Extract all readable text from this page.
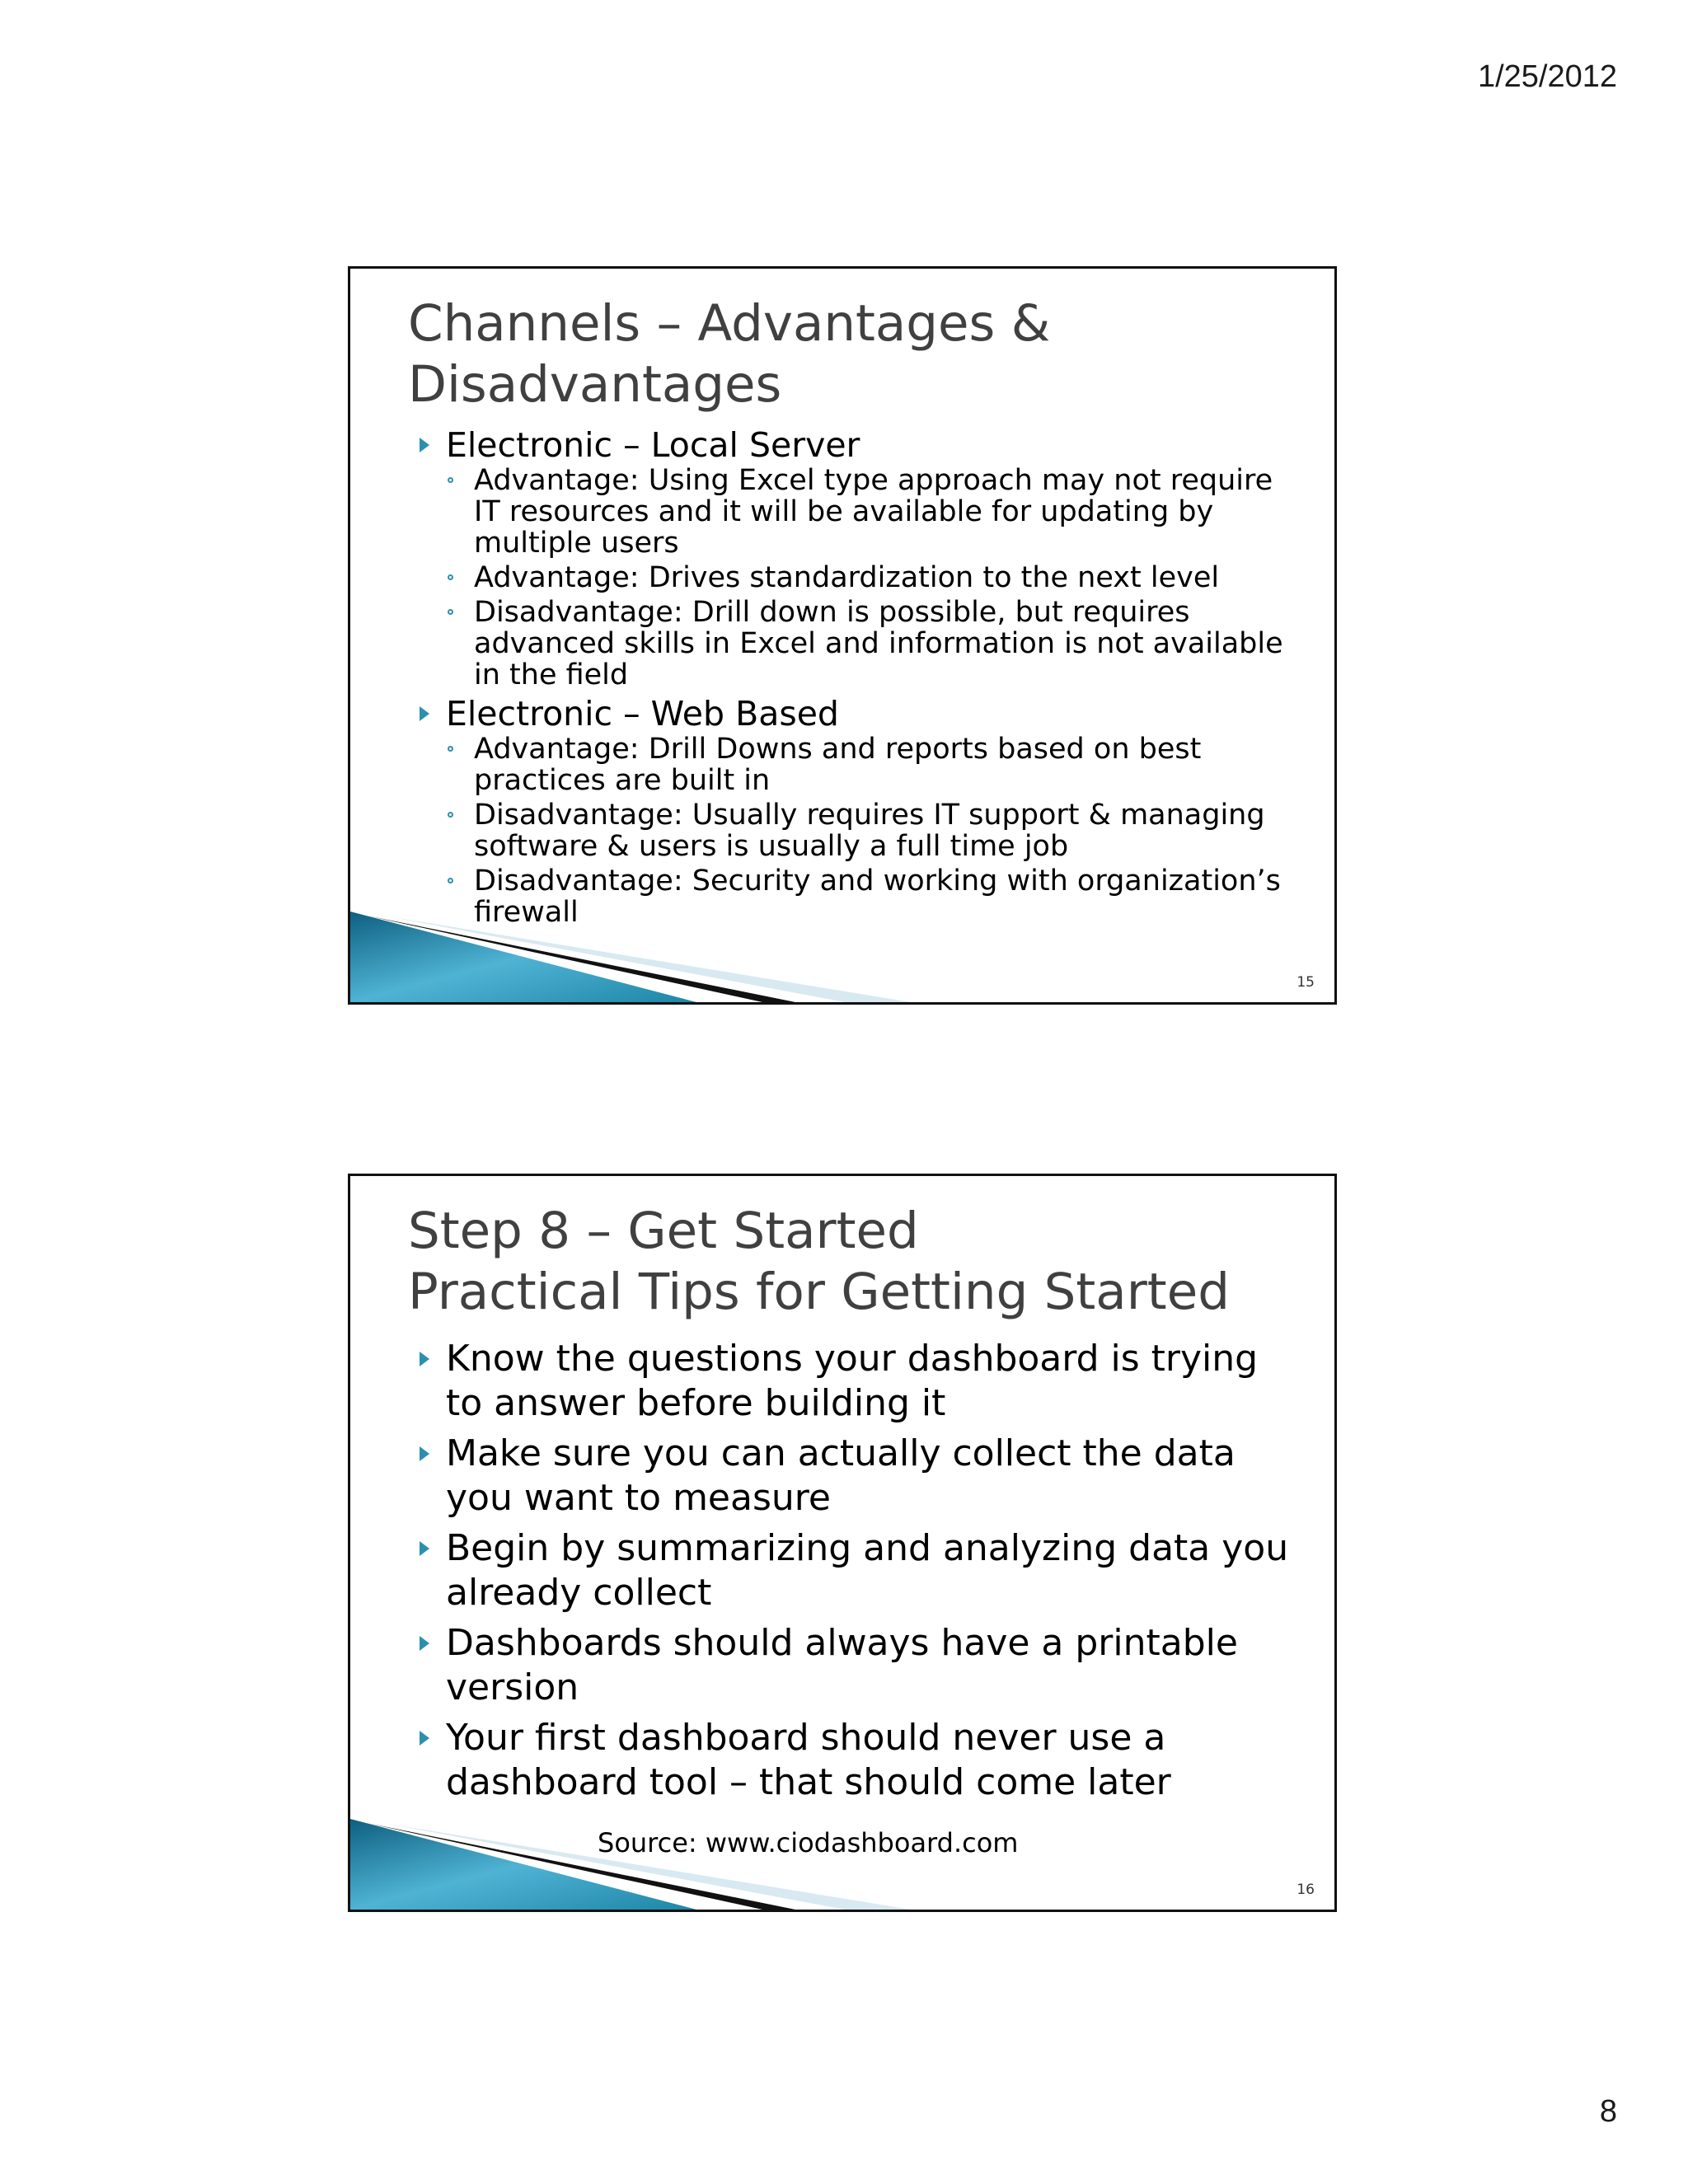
1/25/2012
Channels – Advantages &
Disadvantages
Electronic – Local Server
Advantage: Using Excel type approach may not require IT resources and it will be available for updating by multiple users
Advantage: Drives standardization to the next level
Disadvantage: Drill down is possible, but requires advanced skills in Excel and information is not available in the field
Electronic – Web Based
Advantage: Drill Downs and reports based on best practices are built in
Disadvantage: Usually requires IT support & managing software & users is usually a full time job
Disadvantage: Security and working with organization’s firewall
15
Step 8 – Get Started
Practical Tips for Getting Started
Know the questions your dashboard is trying to answer before building it
Make sure you can actually collect the data you want to measure
Begin by summarizing and analyzing data you already collect
Dashboards should always have a printable version
Your first dashboard should never use a dashboard tool – that should come later
Source: www.ciodashboard.com
16
8
